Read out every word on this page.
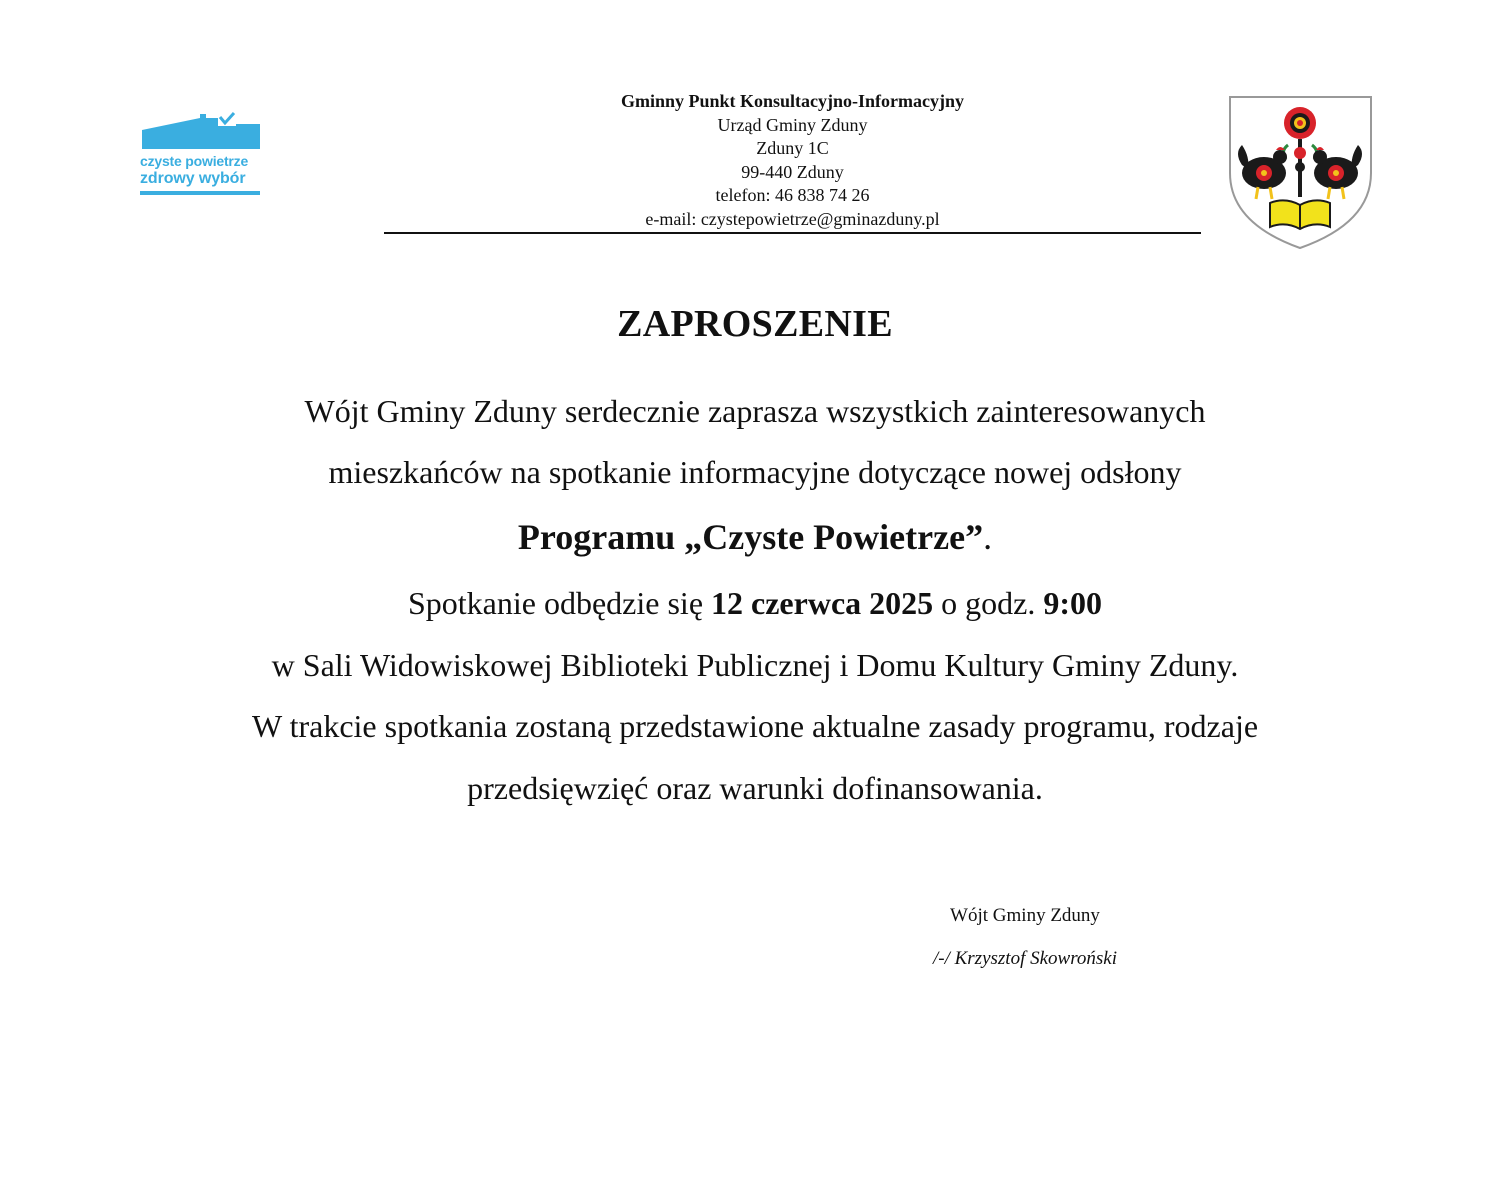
czyste powietrze
zdrowy wybór
Gminny Punkt Konsultacyjno-Informacyjny
Urząd Gminy Zduny
Zduny 1C
99-440 Zduny
telefon: 46 838 74 26
e-mail: czystepowietrze@gminazduny.pl
ZAPROSZENIE
Wójt Gminy Zduny serdecznie zaprasza wszystkich zainteresowanych
mieszkańców na spotkanie informacyjne dotyczące nowej odsłony
Programu „Czyste Powietrze”.
Spotkanie odbędzie się 12 czerwca 2025 o godz. 9:00
w Sali Widowiskowej Biblioteki Publicznej i Domu Kultury Gminy Zduny.
W trakcie spotkania zostaną przedstawione aktualne zasady programu, rodzaje
przedsięwzięć oraz warunki dofinansowania.
Wójt Gminy Zduny
/-/ Krzysztof Skowroński
